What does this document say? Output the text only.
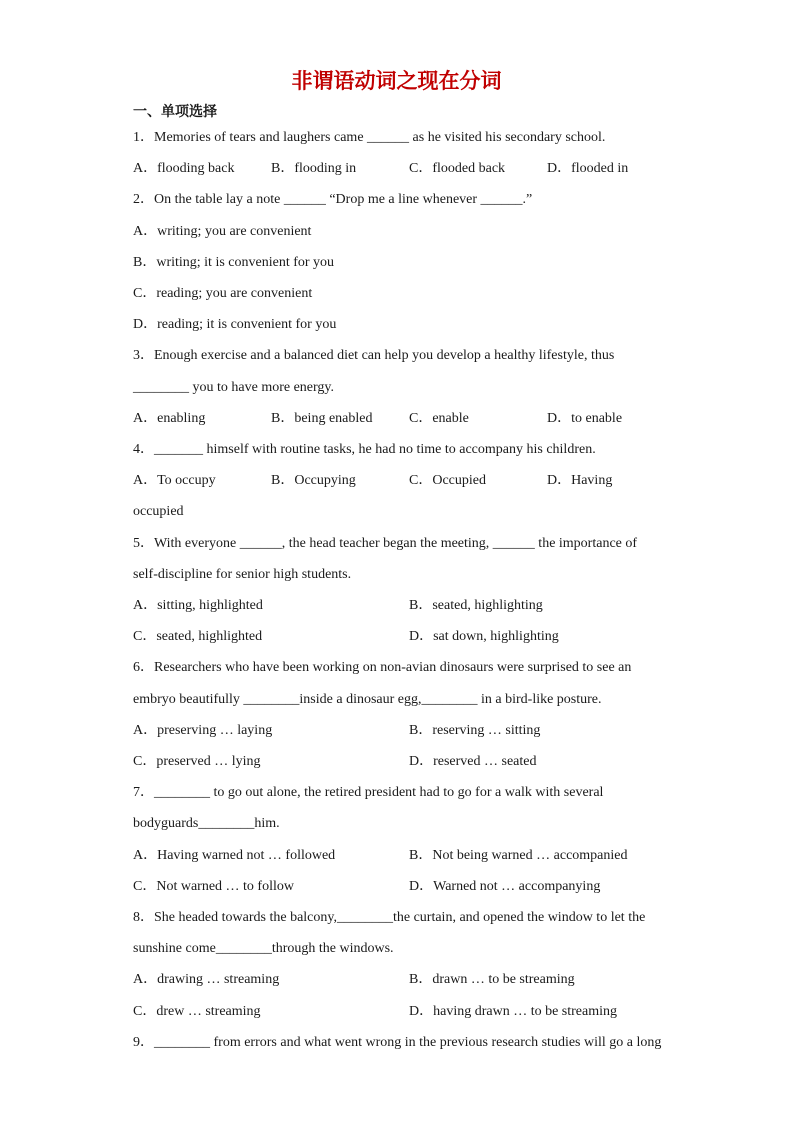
非谓语动词之现在分词
一、单项选择

1．Memories of tears and laughers came ______ as he visited his secondary school.

A．flooding back	B．flooding in	C．flooded back	D．flooded in

2．On the table lay a note ______ “Drop me a line whenever ______.”

A．writing; you are convenient
B．writing; it is convenient for you
C．reading; you are convenient
D．reading; it is convenient for you

3．Enough exercise and a balanced diet can help you develop a healthy lifestyle, thus

________ you to have more energy.

A．enabling	B．being enabled	C．enable	D．to enable

4．_______ himself with routine tasks, he had no time to accompany his children.

A．To occupy	B．Occupying	C．Occupied	D．Having
occupied

5．With everyone ______, the head teacher began the meeting, ______ the importance of

self-discipline for senior high students.

A．sitting, highlighted	B．seated, highlighting
C．seated, highlighted	D．sat down, highlighting

6．Researchers who have been working on non-avian dinosaurs were surprised to see an

embryo beautifully ________inside a dinosaur egg,________ in a bird-like posture.

A．preserving … laying	B．reserving … sitting
C．preserved … lying	D．reserved … seated

7．________ to go out alone, the retired president had to go for a walk with several

bodyguards________him.

A．Having warned not … followed	B．Not being warned … accompanied
C．Not warned … to follow	D．Warned not … accompanying

8．She headed towards the balcony,________the curtain, and opened the window to let the

sunshine come________through the windows.

A．drawing … streaming	B．drawn … to be streaming
C．drew … streaming	D．having drawn … to be streaming

9．________ from errors and what went wrong in the previous research studies will go a long
